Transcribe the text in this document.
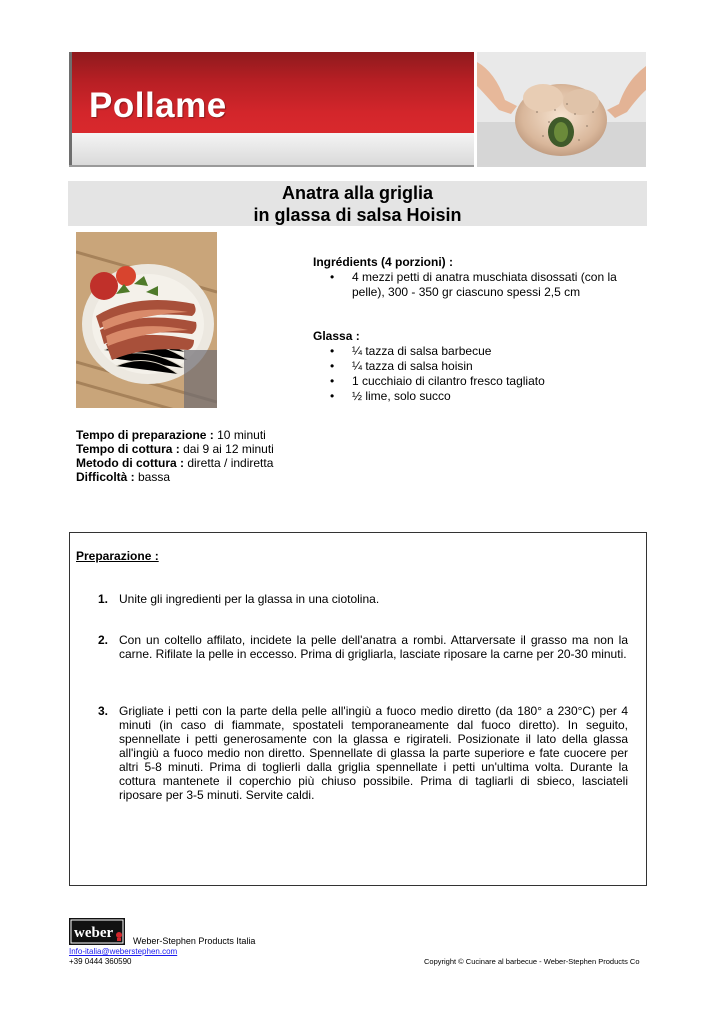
Pollame
Anatra alla griglia
in glassa di salsa Hoisin
Tempo di preparazione : 10 minuti
Tempo di cottura : dai 9 ai 12 minuti
Metodo di cottura : diretta / indiretta
Difficoltà : bassa

Ingrédients (4 porzioni) :

• 4 mezzi petti di anatra muschiata disossati (con la pelle), 300 - 350 gr ciascuno spessi 2,5 cm

Glassa :

• ¼ tazza di salsa barbecue
• ¼ tazza di salsa hoisin
• 1 cucchiaio di cilantro fresco tagliato
• ½ lime, solo succo
Preparazione :
1. Unite gli ingredienti per la glassa in una ciotolina.
2. Con un coltello affilato, incidete la pelle dell'anatra a rombi. Attarversate il grasso ma non la carne. Rifilate la pelle in eccesso. Prima di grigliarla, lasciate riposare la carne per 20-30 minuti.
3. Grigliate i petti con la parte della pelle all'ingiù a fuoco medio diretto (da 180° a 230°C) per 4 minuti (in caso di fiammate, spostateli temporaneamente dal fuoco diretto). In seguito, spennellate i petti generosamente con la glassa e rigirateli. Posizionate il lato della glassa all'ingiù a fuoco medio non diretto. Spennellate di glassa la parte superiore e fate cuocere per altri 5-8 minuti. Prima di toglierli dalla griglia spennellate i petti un'ultima volta. Durante la cottura mantenete il coperchio più chiuso possibile. Prima di tagliarli di sbieco, lasciateli riposare per 3-5 minuti. Servite caldi.
weber Weber-Stephen Products Italia
Info-italia@weberstephen.com
+39 0444 360590	Copyright © Cucinare al barbecue - Weber-Stephen Products Co
